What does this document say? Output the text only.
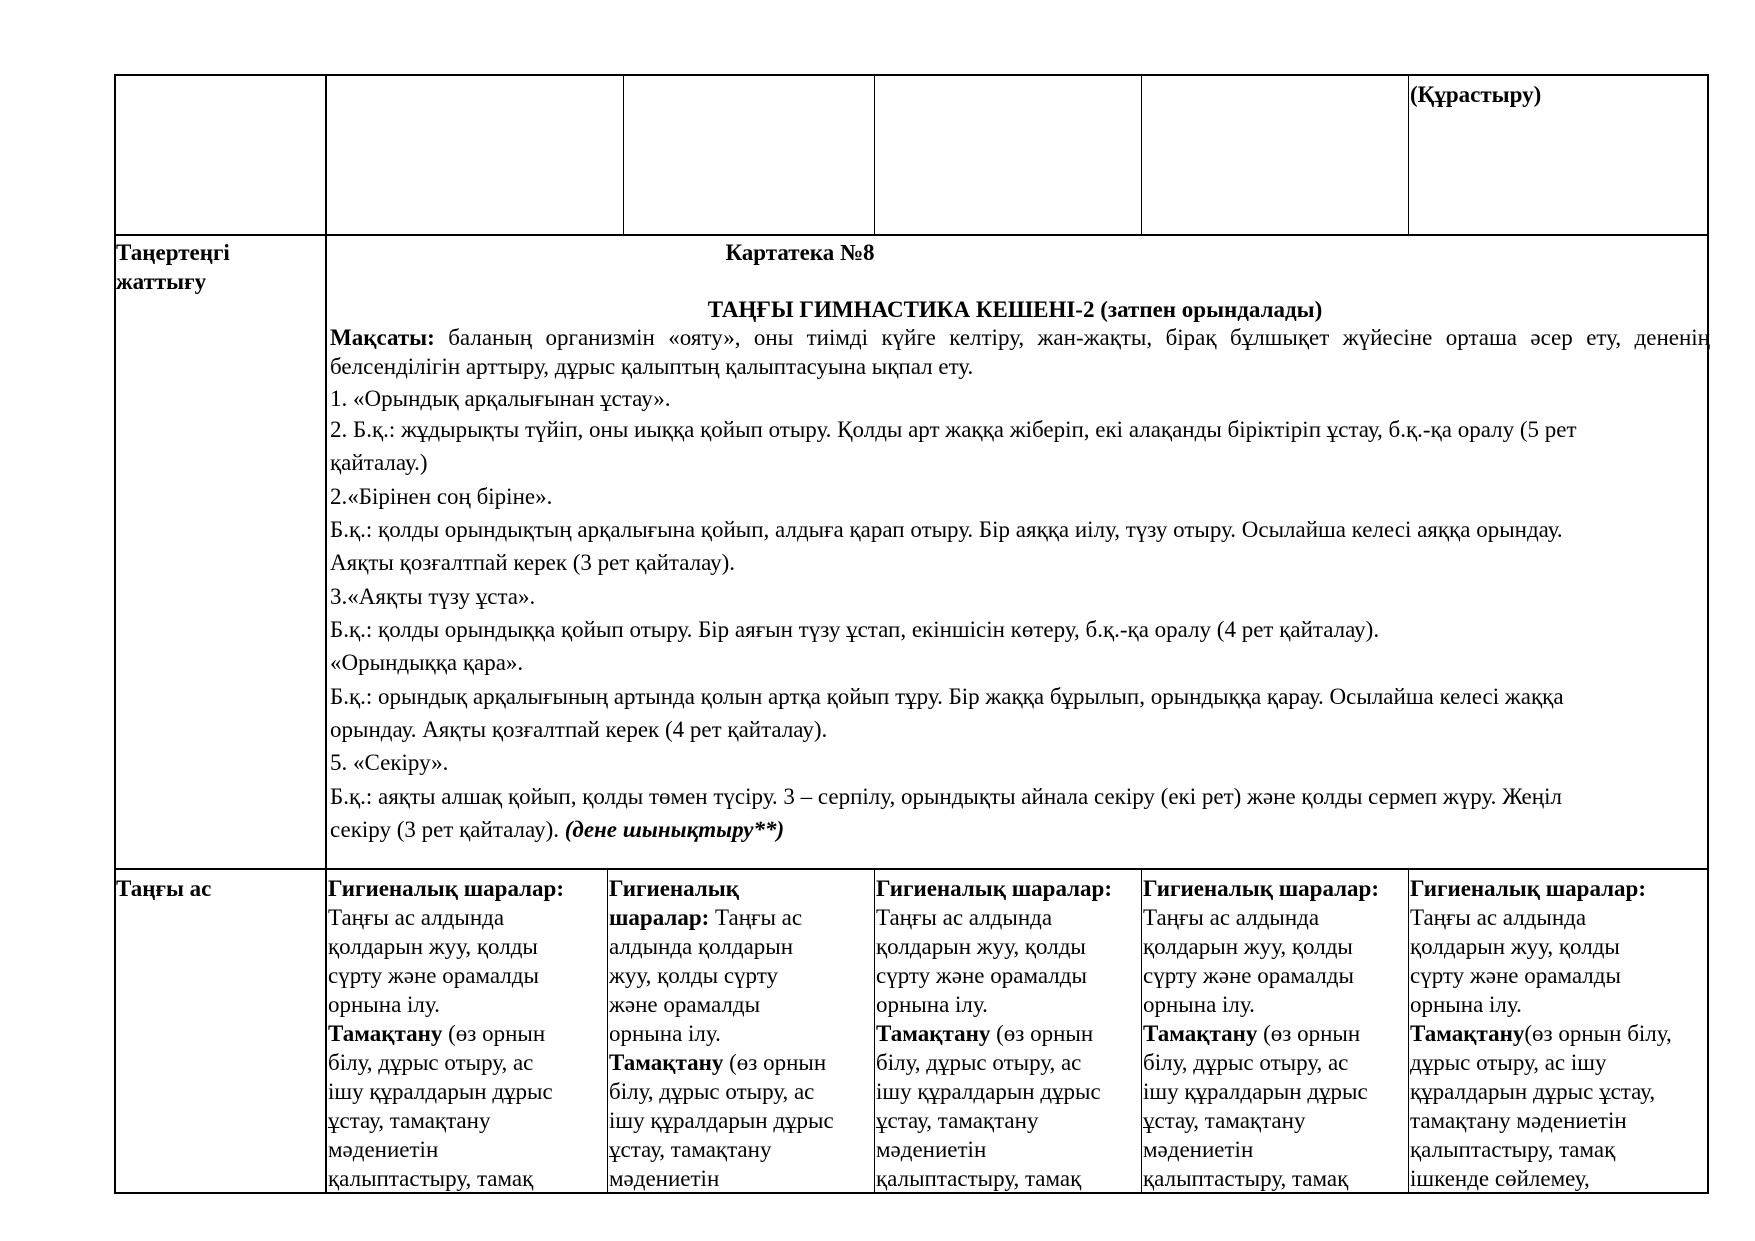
(Құрастыру)
Таңертеңгі жаттығу
Картатека №8
ТАҢҒЫ ГИМНАСТИКА КЕШЕНІ-2 (затпен орындалады)
Мақсаты: баланың организмін «ояту», оны тиімді күйге келтіру, жан-жақты, бірақ бұлшықет жүйесіне орташа әсер ету, дененің белсенділігін арттыру, дұрыс қалыптың қалыптасуына ықпал ету.
1. «Орындық арқалығынан ұстау».
2. Б.қ.: жұдырықты түйіп, оны иыққа қойып отыру. Қолды арт жаққа жіберіп, екі алақанды біріктіріп ұстау, б.қ.-қа оралу (5 рет
қайталау.)
2.«Бірінен соң біріне».
Б.қ.: қолды орындықтың арқалығына қойып, алдыға қарап отыру. Бір аяққа иілу, түзу отыру. Осылайша келесі аяққа орындау.
Аяқты қозғалтпай керек (3 рет қайталау).
3.«Аяқты түзу ұста».
Б.қ.: қолды орындыққа қойып отыру. Бір аяғын түзу ұстап, екіншісін көтеру, б.қ.-қа оралу (4 рет қайталау).
«Орындыққа қара».
Б.қ.: орындық арқалығының артында қолын артқа қойып тұру. Бір жаққа бұрылып, орындыққа қарау. Осылайша келесі жаққа
орындау. Аяқты қозғалтпай керек (4 рет қайталау).
5. «Секіру».
Б.қ.: аяқты алшақ қойып, қолды төмен түсіру. 3 – серпілу, орындықты айнала секіру (екі рет) және қолды сермеп жүру. Жеңіл
секіру (3 рет қайталау). (дене шынықтыру**)
Таңғы ас	Гигиеналық шаралар:
Таңғы ас алдында
қолдарын жуу, қолды
сүрту және орамалды
орнына ілу.
Тамақтану (өз орнын
білу, дұрыс отыру, ас
ішу құралдарын дұрыс
ұстау, тамақтану
мәдениетін
қалыптастыру, тамақ
Гигиеналық
шаралар: Таңғы ас
алдында қолдарын
жуу, қолды сүрту
және орамалды
орнына ілу.
Тамақтану (өз орнын
білу, дұрыс отыру, ас
ішу құралдарын дұрыс
ұстау, тамақтану
мәдениетін
Гигиеналық шаралар:
Таңғы ас алдында
қолдарын жуу, қолды
сүрту және орамалды
орнына ілу.
Тамақтану (өз орнын
білу, дұрыс отыру, ас
ішу құралдарын дұрыс
ұстау, тамақтану
мәдениетін
қалыптастыру, тамақ
Гигиеналық шаралар:
Таңғы ас алдында
қолдарын жуу, қолды
сүрту және орамалды
орнына ілу.
Тамақтану (өз орнын
білу, дұрыс отыру, ас
ішу құралдарын дұрыс
ұстау, тамақтану
мәдениетін
қалыптастыру, тамақ
Гигиеналық шаралар:
Таңғы ас алдында
қолдарын жуу, қолды
сүрту және орамалды
орнына ілу.
Тамақтану(өз орнын білу,
дұрыс отыру, ас ішу
құралдарын дұрыс ұстау,
тамақтану мәдениетін
қалыптастыру, тамақ
ішкенде сөйлемеу,
